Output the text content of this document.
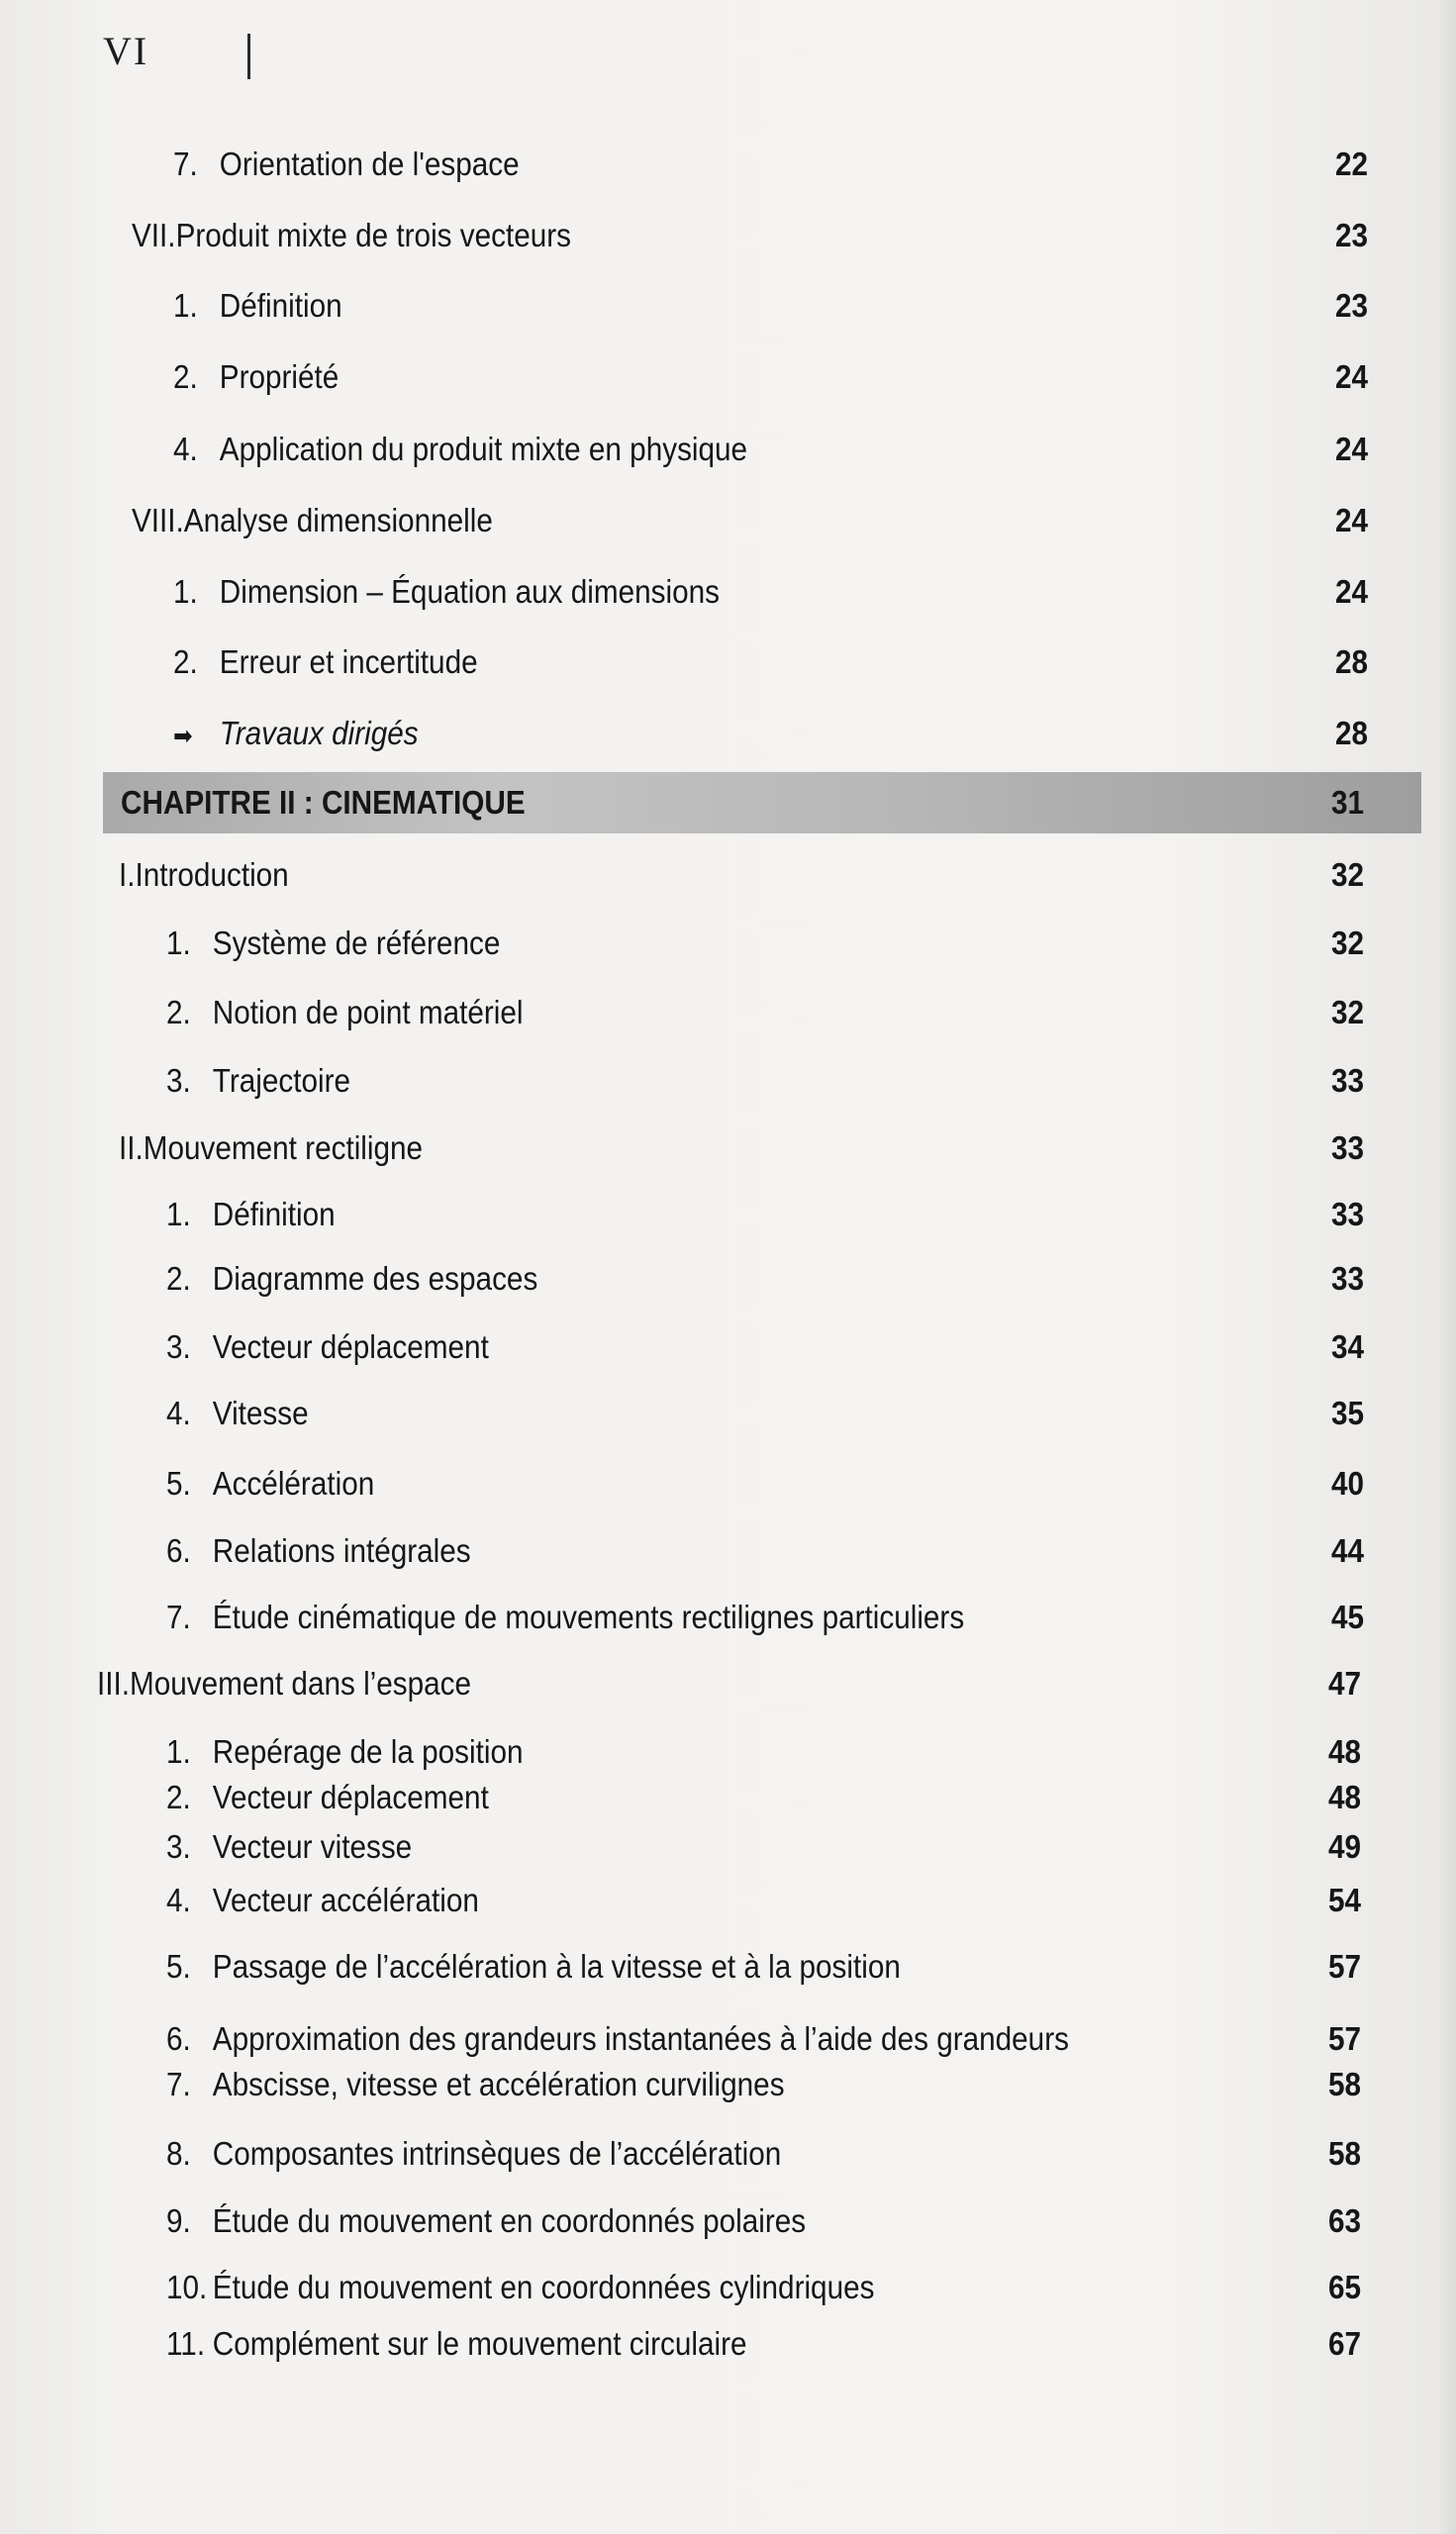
VI
7. Orientation de l'espace	22
VII.Produit mixte de trois vecteurs	23
1. Définition	23
2. Propriété	24
4. Application du produit mixte en physique	24
VIII.Analyse dimensionnelle	24
1. Dimension – Équation aux dimensions	24
2. Erreur et incertitude	28
➡ Travaux dirigés	28
CHAPITRE II : CINEMATIQUE	31
I.Introduction	32
1. Système de référence	32
2. Notion de point matériel	32
3. Trajectoire	33
II.Mouvement rectiligne	33
1. Définition	33
2. Diagramme des espaces	33
3. Vecteur déplacement	34
4. Vitesse	35
5. Accélération	40
6. Relations intégrales	44
7. Étude cinématique de mouvements rectilignes particuliers	45
III.Mouvement dans l’espace	47
1. Repérage de la position	48
2. Vecteur déplacement	48
3. Vecteur vitesse	49
4. Vecteur accélération	54
5. Passage de l’accélération à la vitesse et à la position	57
6. Approximation des grandeurs instantanées à l’aide des grandeurs	57
7. Abscisse, vitesse et accélération curvilignes	58
8. Composantes intrinsèques de l’accélération	58
9. Étude du mouvement en coordonnés polaires	63
10. Étude du mouvement en coordonnées cylindriques	65
11. Complément sur le mouvement circulaire	67
